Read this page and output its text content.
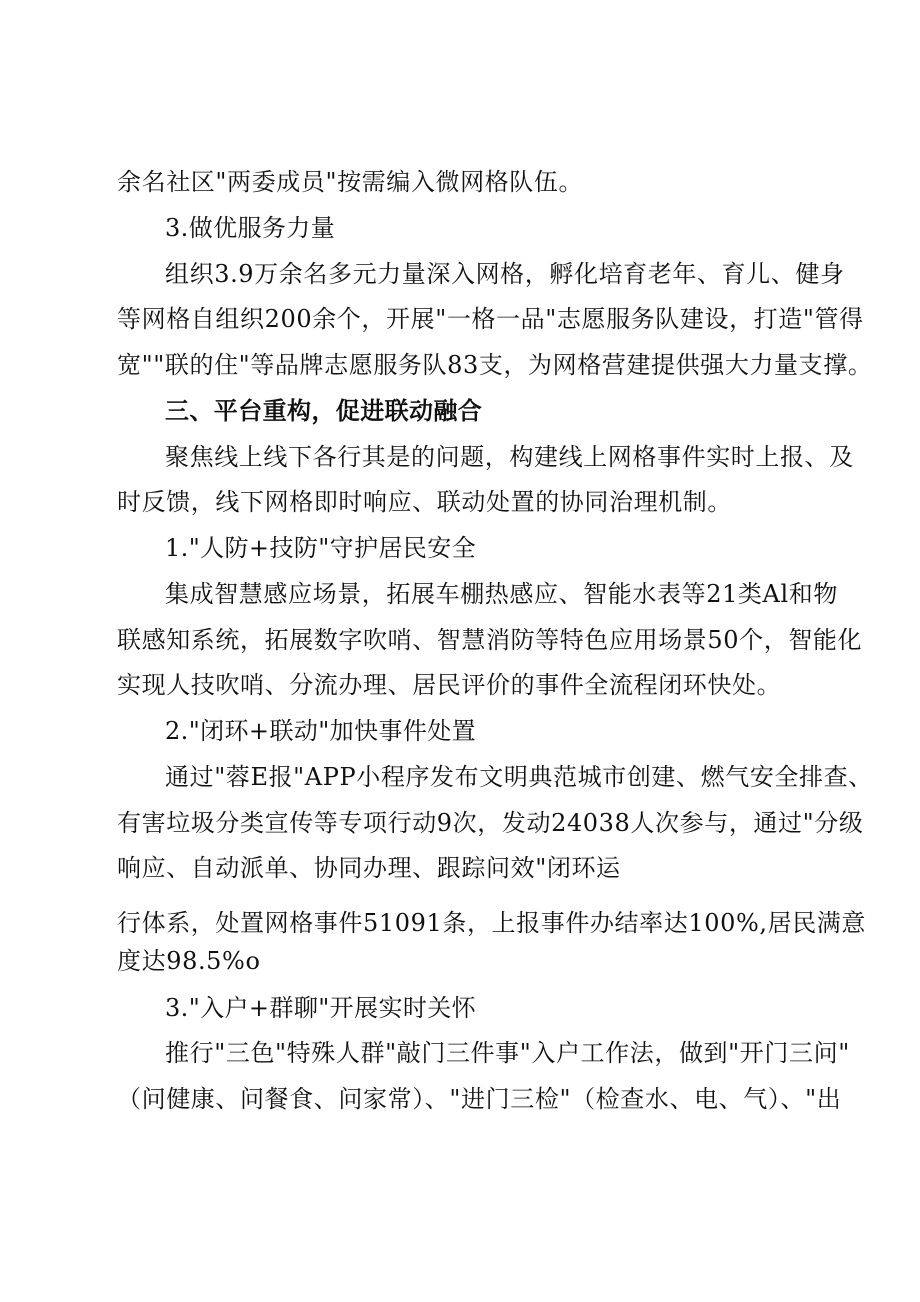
余名社区"两委成员"按需编入微网格队伍。

3.做优服务力量

组织3.9万余名多元力量深入网格，孵化培育老年、育儿、健身

等网格自组织200余个，开展"一格一品"志愿服务队建设，打造"管得

宽""联的住"等品牌志愿服务队83支，为网格营建提供强大力量支撑。

三、平台重构，促进联动融合

聚焦线上线下各行其是的问题，构建线上网格事件实时上报、及

时反馈，线下网格即时响应、联动处置的协同治理机制。

1."人防+技防"守护居民安全

集成智慧感应场景，拓展车棚热感应、智能水表等21类Al和物

联感知系统，拓展数字吹哨、智慧消防等特色应用场景50个，智能化

实现人技吹哨、分流办理、居民评价的事件全流程闭环快处。

2."闭环+联动"加快事件处置

通过"蓉E报"APP小程序发布文明典范城市创建、燃气安全排查、

有害垃圾分类宣传等专项行动9次，发动24038人次参与，通过"分级

响应、自动派单、协同办理、跟踪问效"闭环运

行体系，处置网格事件51091条，上报事件办结率达100%,居民满意

度达98.5%o

3."入户+群聊"开展实时关怀

推行"三色"特殊人群"敲门三件事"入户工作法，做到"开门三问"

（问健康、问餐食、问家常）、"进门三检"（检查水、电、气）、"出
